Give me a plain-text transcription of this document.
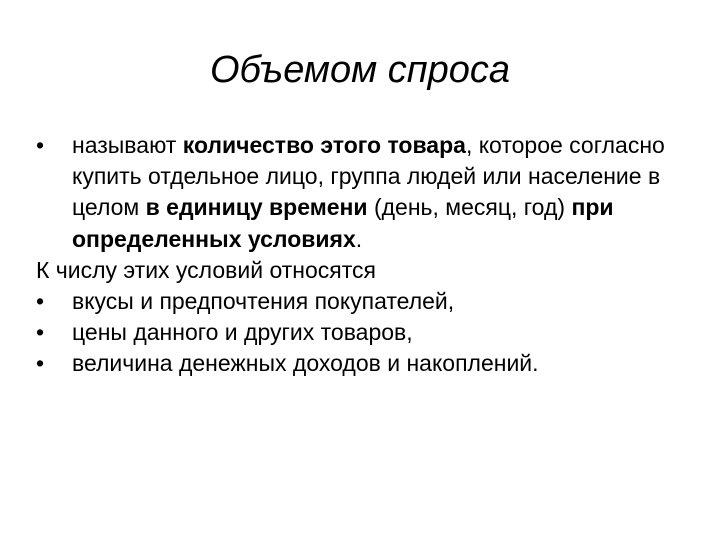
Объемом спроса
•	называют количество этого товара, которое согласно купить отдельное лицо, группа людей или население в целом в единицу времени (день, месяц, год) при определенных условиях.
К числу этих условий относятся
•	вкусы и предпочтения покупателей,
•	цены данного и других товаров,
•	величина денежных доходов и накоплений.
